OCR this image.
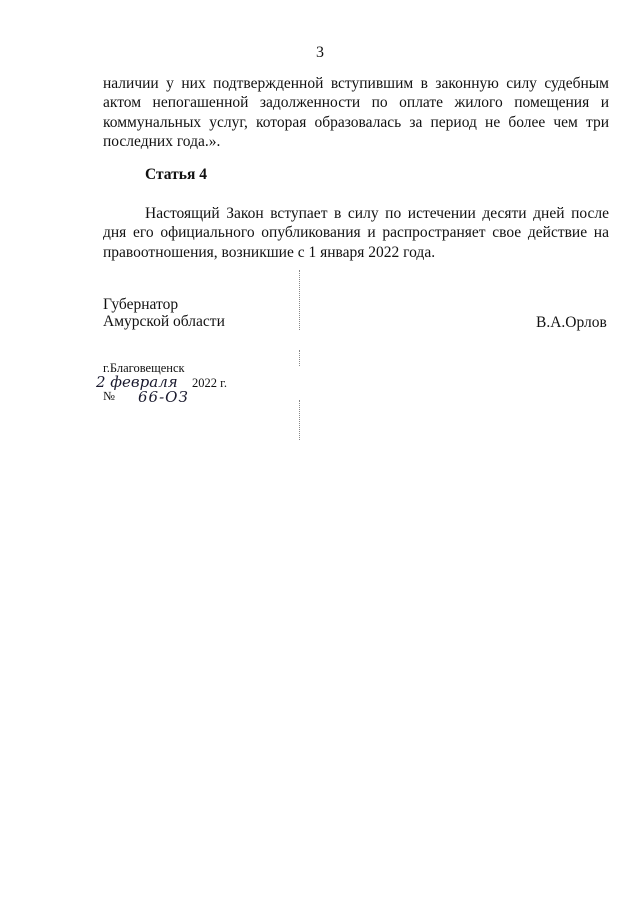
3

наличии у них подтвержденной вступившим в законную силу судебным актом непогашенной задолженности по оплате жилого помещения и коммунальных услуг, которая образовалась за период не более чем три последних года.».

Статья 4

Настоящий Закон вступает в силу по истечении десяти дней после дня его официального опубликования и распространяет свое действие на правоотношения, возникшие с 1 января 2022 года.

Губернатор
Амурской области	В.А.Орлов
г.Благовещенск
2 февраля 2022 г.
№ 66-ОЗ
